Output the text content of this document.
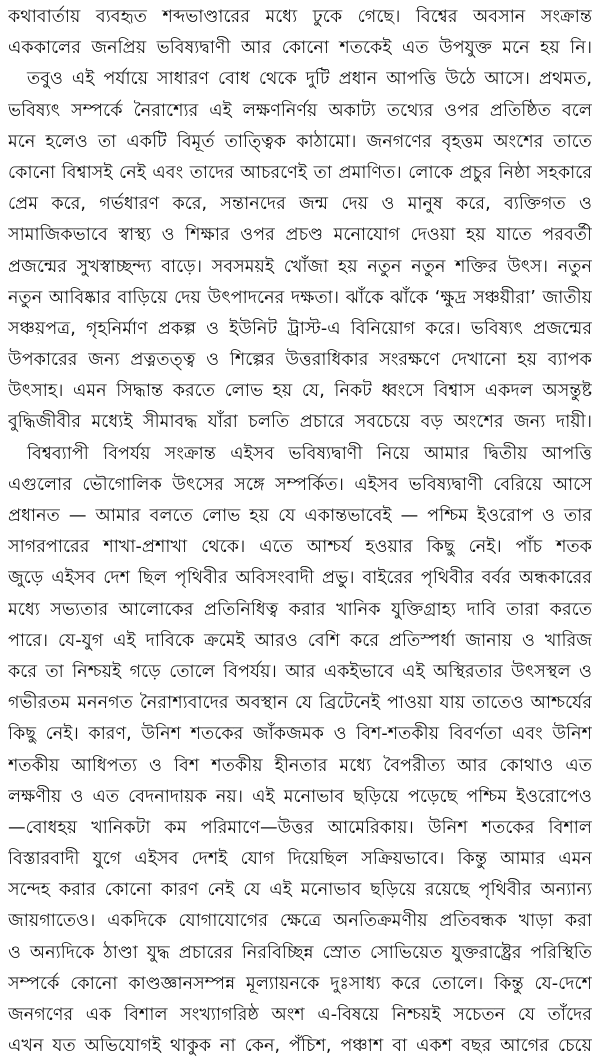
কথাবার্তায় ব্যবহৃত শব্দভাণ্ডারের মধ্যে ঢুকে গেছে। বিশ্বের অবসান সংক্রান্ত
এককালের জনপ্রিয় ভবিষ্যদ্বাণী আর কোনো শতকেই এত উপযুক্ত মনে হয় নি।
তবুও এই পর্যায়ে সাধারণ বোধ থেকে দুটি প্রধান আপত্তি উঠে আসে। প্রথমত,
ভবিষ্যৎ সম্পর্কে নৈরাশ্যের এই লক্ষণনির্ণয় অকাট্য তথ্যের ওপর প্রতিষ্ঠিত বলে
মনে হলেও তা একটি বিমূর্ত তাত্ত্বিক কাঠামো। জনগণের বৃহত্তম অংশের তাতে
কোনো বিশ্বাসই নেই এবং তাদের আচরণেই তা প্রমাণিত। লোকে প্রচুর নিষ্ঠা সহকারে
প্রেম করে, গর্ভধারণ করে, সন্তানদের জন্ম দেয় ও মানুষ করে, ব্যক্তিগত ও
সামাজিকভাবে স্বাস্থ্য ও শিক্ষার ওপর প্রচণ্ড মনোযোগ দেওয়া হয় যাতে পরবর্তী
প্রজন্মের সুখস্বাচ্ছন্দ্য বাড়ে। সবসময়ই খোঁজা হয় নতুন নতুন শক্তির উৎস। নতুন
নতুন আবিষ্কার বাড়িয়ে দেয় উৎপাদনের দক্ষতা। ঝাঁকে ঝাঁকে ‘ক্ষুদ্র সঞ্চয়ীরা’ জাতীয়
সঞ্চয়পত্র, গৃহনির্মাণ প্রকল্প ও ইউনিট ট্রাস্ট-এ বিনিয়োগ করে। ভবিষ্যৎ প্রজন্মের
উপকারের জন্য প্রত্নতত্ত্ব ও শিল্পের উত্তরাধিকার সংরক্ষণে দেখানো হয় ব্যাপক
উৎসাহ। এমন সিদ্ধান্ত করতে লোভ হয় যে, নিকট ধ্বংসে বিশ্বাস একদল অসন্তুষ্ট
বুদ্ধিজীবীর মধ্যেই সীমাবদ্ধ যাঁরা চলতি প্রচারে সবচেয়ে বড় অংশের জন্য দায়ী।
বিশ্বব্যাপী বিপর্যয় সংক্রান্ত এইসব ভবিষ্যদ্বাণী নিয়ে আমার দ্বিতীয় আপত্তি
এগুলোর ভৌগোলিক উৎসের সঙ্গে সম্পর্কিত। এইসব ভবিষ্যদ্বাণী বেরিয়ে আসে
প্রধানত — আমার বলতে লোভ হয় যে একান্তভাবেই — পশ্চিম ইওরোপ ও তার
সাগরপারের শাখা-প্রশাখা থেকে। এতে আশ্চর্য হওয়ার কিছু নেই। পাঁচ শতক
জুড়ে এইসব দেশ ছিল পৃথিবীর অবিসংবাদী প্রভু। বাইরের পৃথিবীর বর্বর অন্ধকারের
মধ্যে সভ্যতার আলোকের প্রতিনিধিত্ব করার খানিক যুক্তিগ্রাহ্য দাবি তারা করতে
পারে। যে-যুগ এই দাবিকে ক্রমেই আরও বেশি করে প্রতিস্পর্ধা জানায় ও খারিজ
করে তা নিশ্চয়ই গড়ে তোলে বিপর্যয়। আর একইভাবে এই অস্থিরতার উৎসস্থল ও
গভীরতম মননগত নৈরাশ্যবাদের অবস্থান যে ব্রিটেনেই পাওয়া যায় তাতেও আশ্চর্যের
কিছু নেই। কারণ, উনিশ শতকের জাঁকজমক ও বিশ-শতকীয় বিবর্ণতা এবং উনিশ
শতকীয় আধিপত্য ও বিশ শতকীয় হীনতার মধ্যে বৈপরীত্য আর কোথাও এত
লক্ষণীয় ও এত বেদনাদায়ক নয়। এই মনোভাব ছড়িয়ে পড়েছে পশ্চিম ইওরোপেও
—বোধহয় খানিকটা কম পরিমাণে—উত্তর আমেরিকায়। উনিশ শতকের বিশাল
বিস্তারবাদী যুগে এইসব দেশই যোগ দিয়েছিল সক্রিয়ভাবে। কিন্তু আমার এমন
সন্দেহ করার কোনো কারণ নেই যে এই মনোভাব ছড়িয়ে রয়েছে পৃথিবীর অন্যান্য
জায়গাতেও। একদিকে যোগাযোগের ক্ষেত্রে অনতিক্রমণীয় প্রতিবন্ধক খাড়া করা
ও অন্যদিকে ঠাণ্ডা যুদ্ধ প্রচারের নিরবিচ্ছিন্ন স্রোত সোভিয়েত যুক্তরাষ্ট্রের পরিস্থিতি
সম্পর্কে কোনো কাণ্ডজ্ঞানসম্পন্ন মূল্যায়নকে দুঃসাধ্য করে তোলে। কিন্তু যে-দেশে
জনগণের এক বিশাল সংখ্যাগরিষ্ঠ অংশ এ-বিষয়ে নিশ্চয়ই সচেতন যে তাঁদের
এখন যত অভিযোগই থাকুক না কেন, পঁচিশ, পঞ্চাশ বা একশ বছর আগের চেয়ে
